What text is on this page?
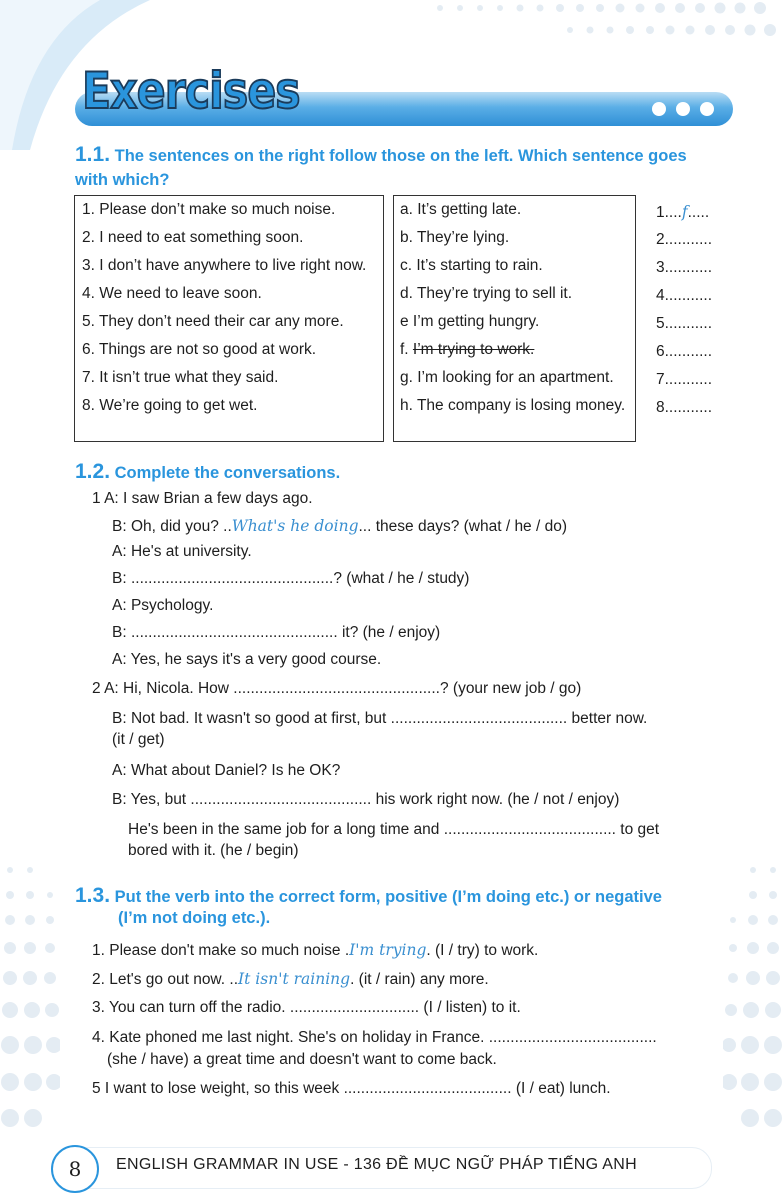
Exercises
1.1. The sentences on the right follow those on the left. Which sentence goes
with which?
1. Please don’t make so much noise.
2. I need to eat something soon.
3. I don’t have anywhere to live right now.
4. We need to leave soon.
5. They don’t need their car any more.
6. Things are not so good at work.
7. It isn’t true what they said.
8. We’re going to get wet.
a. It’s getting late.
b. They’re lying.
c. It’s starting to rain.
d. They’re trying to sell it.
e I’m getting hungry.
f. I’m trying to work.
g. I’m looking for an apartment.
h. The company is losing money.
1....f.....
2...........
3...........
4...........
5...........
6...........
7...........
8...........
1.2. Complete the conversations.
1 A: I saw Brian a few days ago.
B: Oh, did you? ..What's he doing... these days? (what / he / do)
A: He's at university.
B: ...............................................? (what / he / study)
A: Psychology.
B: ................................................ it? (he / enjoy)
A: Yes, he says it's a very good course.
2 A: Hi, Nicola. How ................................................? (your new job / go)
B: Not bad. It wasn't so good at first, but ......................................... better now.
(it / get)
A: What about Daniel? Is he OK?
B: Yes, but .......................................... his work right now. (he / not / enjoy)
He's been in the same job for a long time and ........................................ to get
bored with it. (he / begin)
1.3. Put the verb into the correct form, positive (I’m doing etc.) or negative
(I’m not doing etc.).
1. Please don't make so much noise .I'm trying. (I / try) to work.
2. Let's go out now. ..It isn't raining. (it / rain) any more.
3. You can turn off the radio. .............................. (I / listen) to it.
4. Kate phoned me last night. She's on holiday in France. .......................................
(she / have) a great time and doesn't want to come back.
5 I want to lose weight, so this week ....................................... (I / eat) lunch.
8	ENGLISH GRAMMAR IN USE - 136 ĐỀ MỤC NGỮ PHÁP TIẾNG ANH
